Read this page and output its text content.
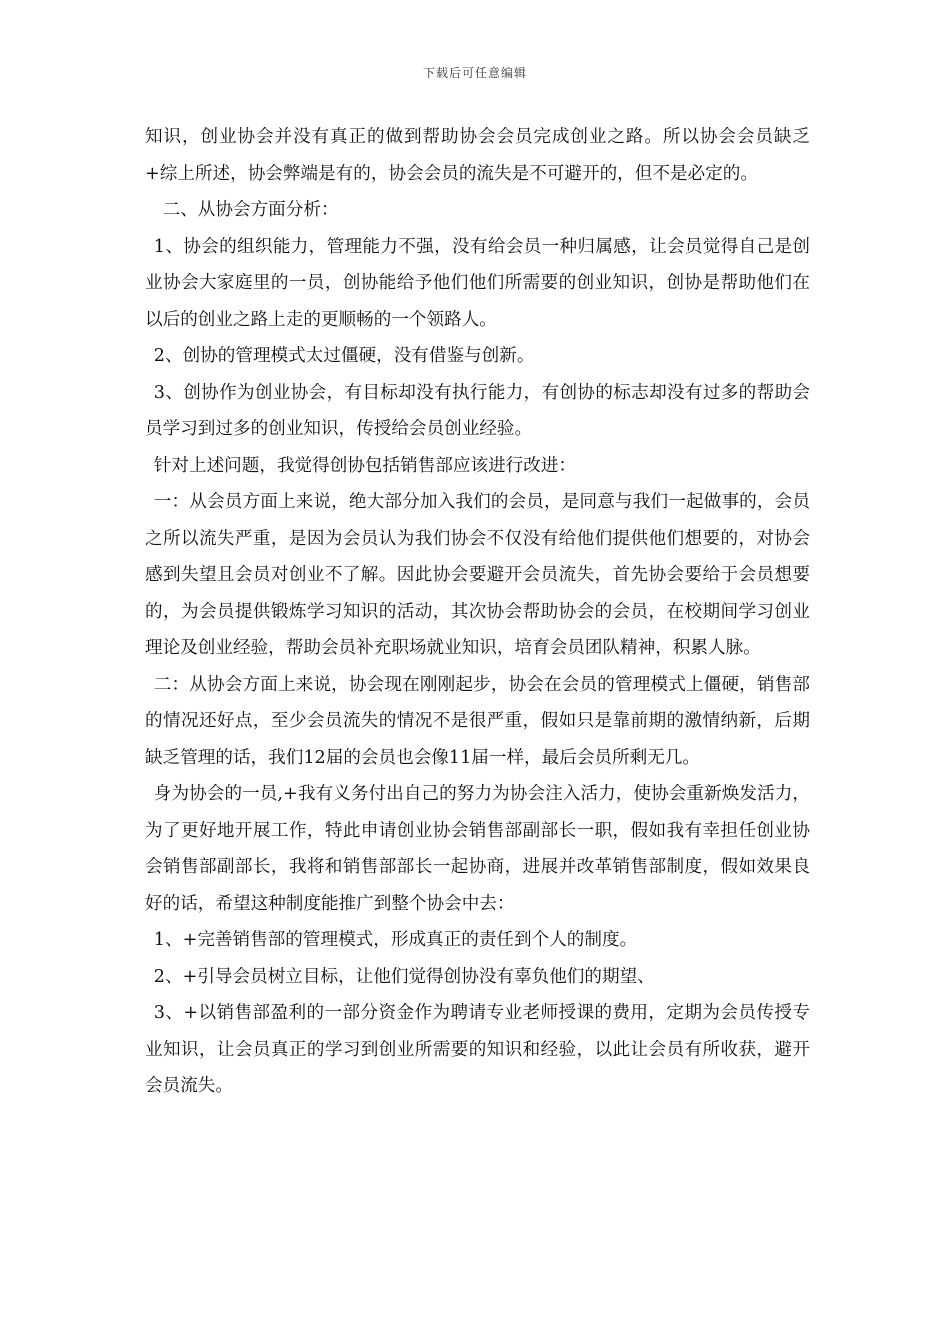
下载后可任意编辑

知识，创业协会并没有真正的做到帮助协会会员完成创业之路。所以协会会员缺乏+综上所述，协会弊端是有的，协会会员的流失是不可避开的，但不是必定的。

二、从协会方面分析：

1、协会的组织能力，管理能力不强，没有给会员一种归属感，让会员觉得自己是创业协会大家庭里的一员，创协能给予他们他们所需要的创业知识，创协是帮助他们在以后的创业之路上走的更顺畅的一个领路人。

2、创协的管理模式太过僵硬，没有借鉴与创新。

3、创协作为创业协会，有目标却没有执行能力，有创协的标志却没有过多的帮助会员学习到过多的创业知识，传授给会员创业经验。

针对上述问题，我觉得创协包括销售部应该进行改进：

一：从会员方面上来说，绝大部分加入我们的会员，是同意与我们一起做事的，会员之所以流失严重，是因为会员认为我们协会不仅没有给他们提供他们想要的，对协会感到失望且会员对创业不了解。因此协会要避开会员流失，首先协会要给于会员想要的，为会员提供锻炼学习知识的活动，其次协会帮助协会的会员，在校期间学习创业理论及创业经验，帮助会员补充职场就业知识，培育会员团队精神，积累人脉。

二：从协会方面上来说，协会现在刚刚起步，协会在会员的管理模式上僵硬，销售部的情况还好点，至少会员流失的情况不是很严重，假如只是靠前期的激情纳新，后期缺乏管理的话，我们12届的会员也会像11届一样，最后会员所剩无几。

身为协会的一员,+我有义务付出自己的努力为协会注入活力，使协会重新焕发活力，为了更好地开展工作，特此申请创业协会销售部副部长一职，假如我有幸担任创业协会销售部副部长，我将和销售部部长一起协商，进展并改革销售部制度，假如效果良好的话，希望这种制度能推广到整个协会中去：

1、+完善销售部的管理模式，形成真正的责任到个人的制度。

2、+引导会员树立目标，让他们觉得创协没有辜负他们的期望、

3、+以销售部盈利的一部分资金作为聘请专业老师授课的费用，定期为会员传授专业知识，让会员真正的学习到创业所需要的知识和经验，以此让会员有所收获，避开会员流失。
